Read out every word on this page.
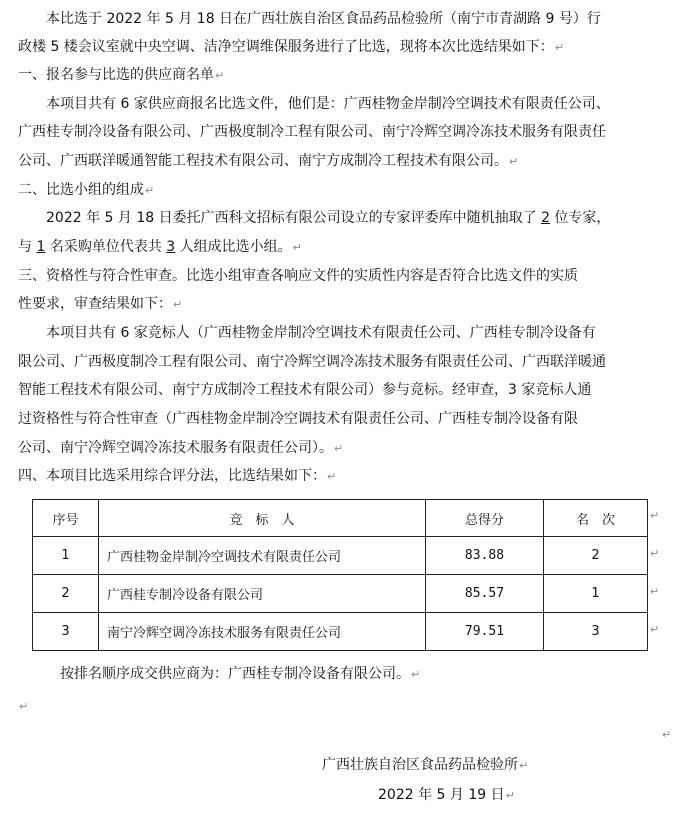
本比选于 2022 年 5 月 18 日在广西壮族自治区食品药品检验所（南宁市青湖路 9 号）行
政楼 5 楼会议室就中央空调、洁净空调维保服务进行了比选，现将本次比选结果如下：↵
一、报名参与比选的供应商名单↵
本项目共有 6 家供应商报名比选文件，他们是：广西桂物金岸制冷空调技术有限责任公司、
广西桂专制冷设备有限公司、广西极度制冷工程有限公司、南宁冷辉空调冷冻技术服务有限责任
公司、广西联洋暖通智能工程技术有限公司、南宁方成制冷工程技术有限公司。↵
二、比选小组的组成↵
2022 年 5 月 18 日委托广西科文招标有限公司设立的专家评委库中随机抽取了 2 位专家，
与 1 名采购单位代表共 3 人组成比选小组。↵
三、资格性与符合性审查。比选小组审查各响应文件的实质性内容是否符合比选文件的实质
性要求，审查结果如下：↵
本项目共有 6 家竞标人（广西桂物金岸制冷空调技术有限责任公司、广西桂专制冷设备有
限公司、广西极度制冷工程有限公司、南宁冷辉空调冷冻技术服务有限责任公司、广西联洋暖通
智能工程技术有限公司、南宁方成制冷工程技术有限公司）参与竞标。经审查，3 家竞标人通
过资格性与符合性审查（广西桂物金岸制冷空调技术有限责任公司、广西桂专制冷设备有限
公司、南宁冷辉空调冷冻技术服务有限责任公司）。↵
四、本项目比选采用综合评分法，比选结果如下：↵
序号	竞　标　人	总得分	名　次
1	广西桂物金岸制冷空调技术有限责任公司	83.88	2
2	广西桂专制冷设备有限公司	85.57	1
3	南宁冷辉空调冷冻技术服务有限责任公司	79.51	3
↵
↵
↵
↵
按排名顺序成交供应商为：广西桂专制冷设备有限公司。↵
↵
↵
广西壮族自治区食品药品检验所↵
2022 年 5 月 19 日↵
